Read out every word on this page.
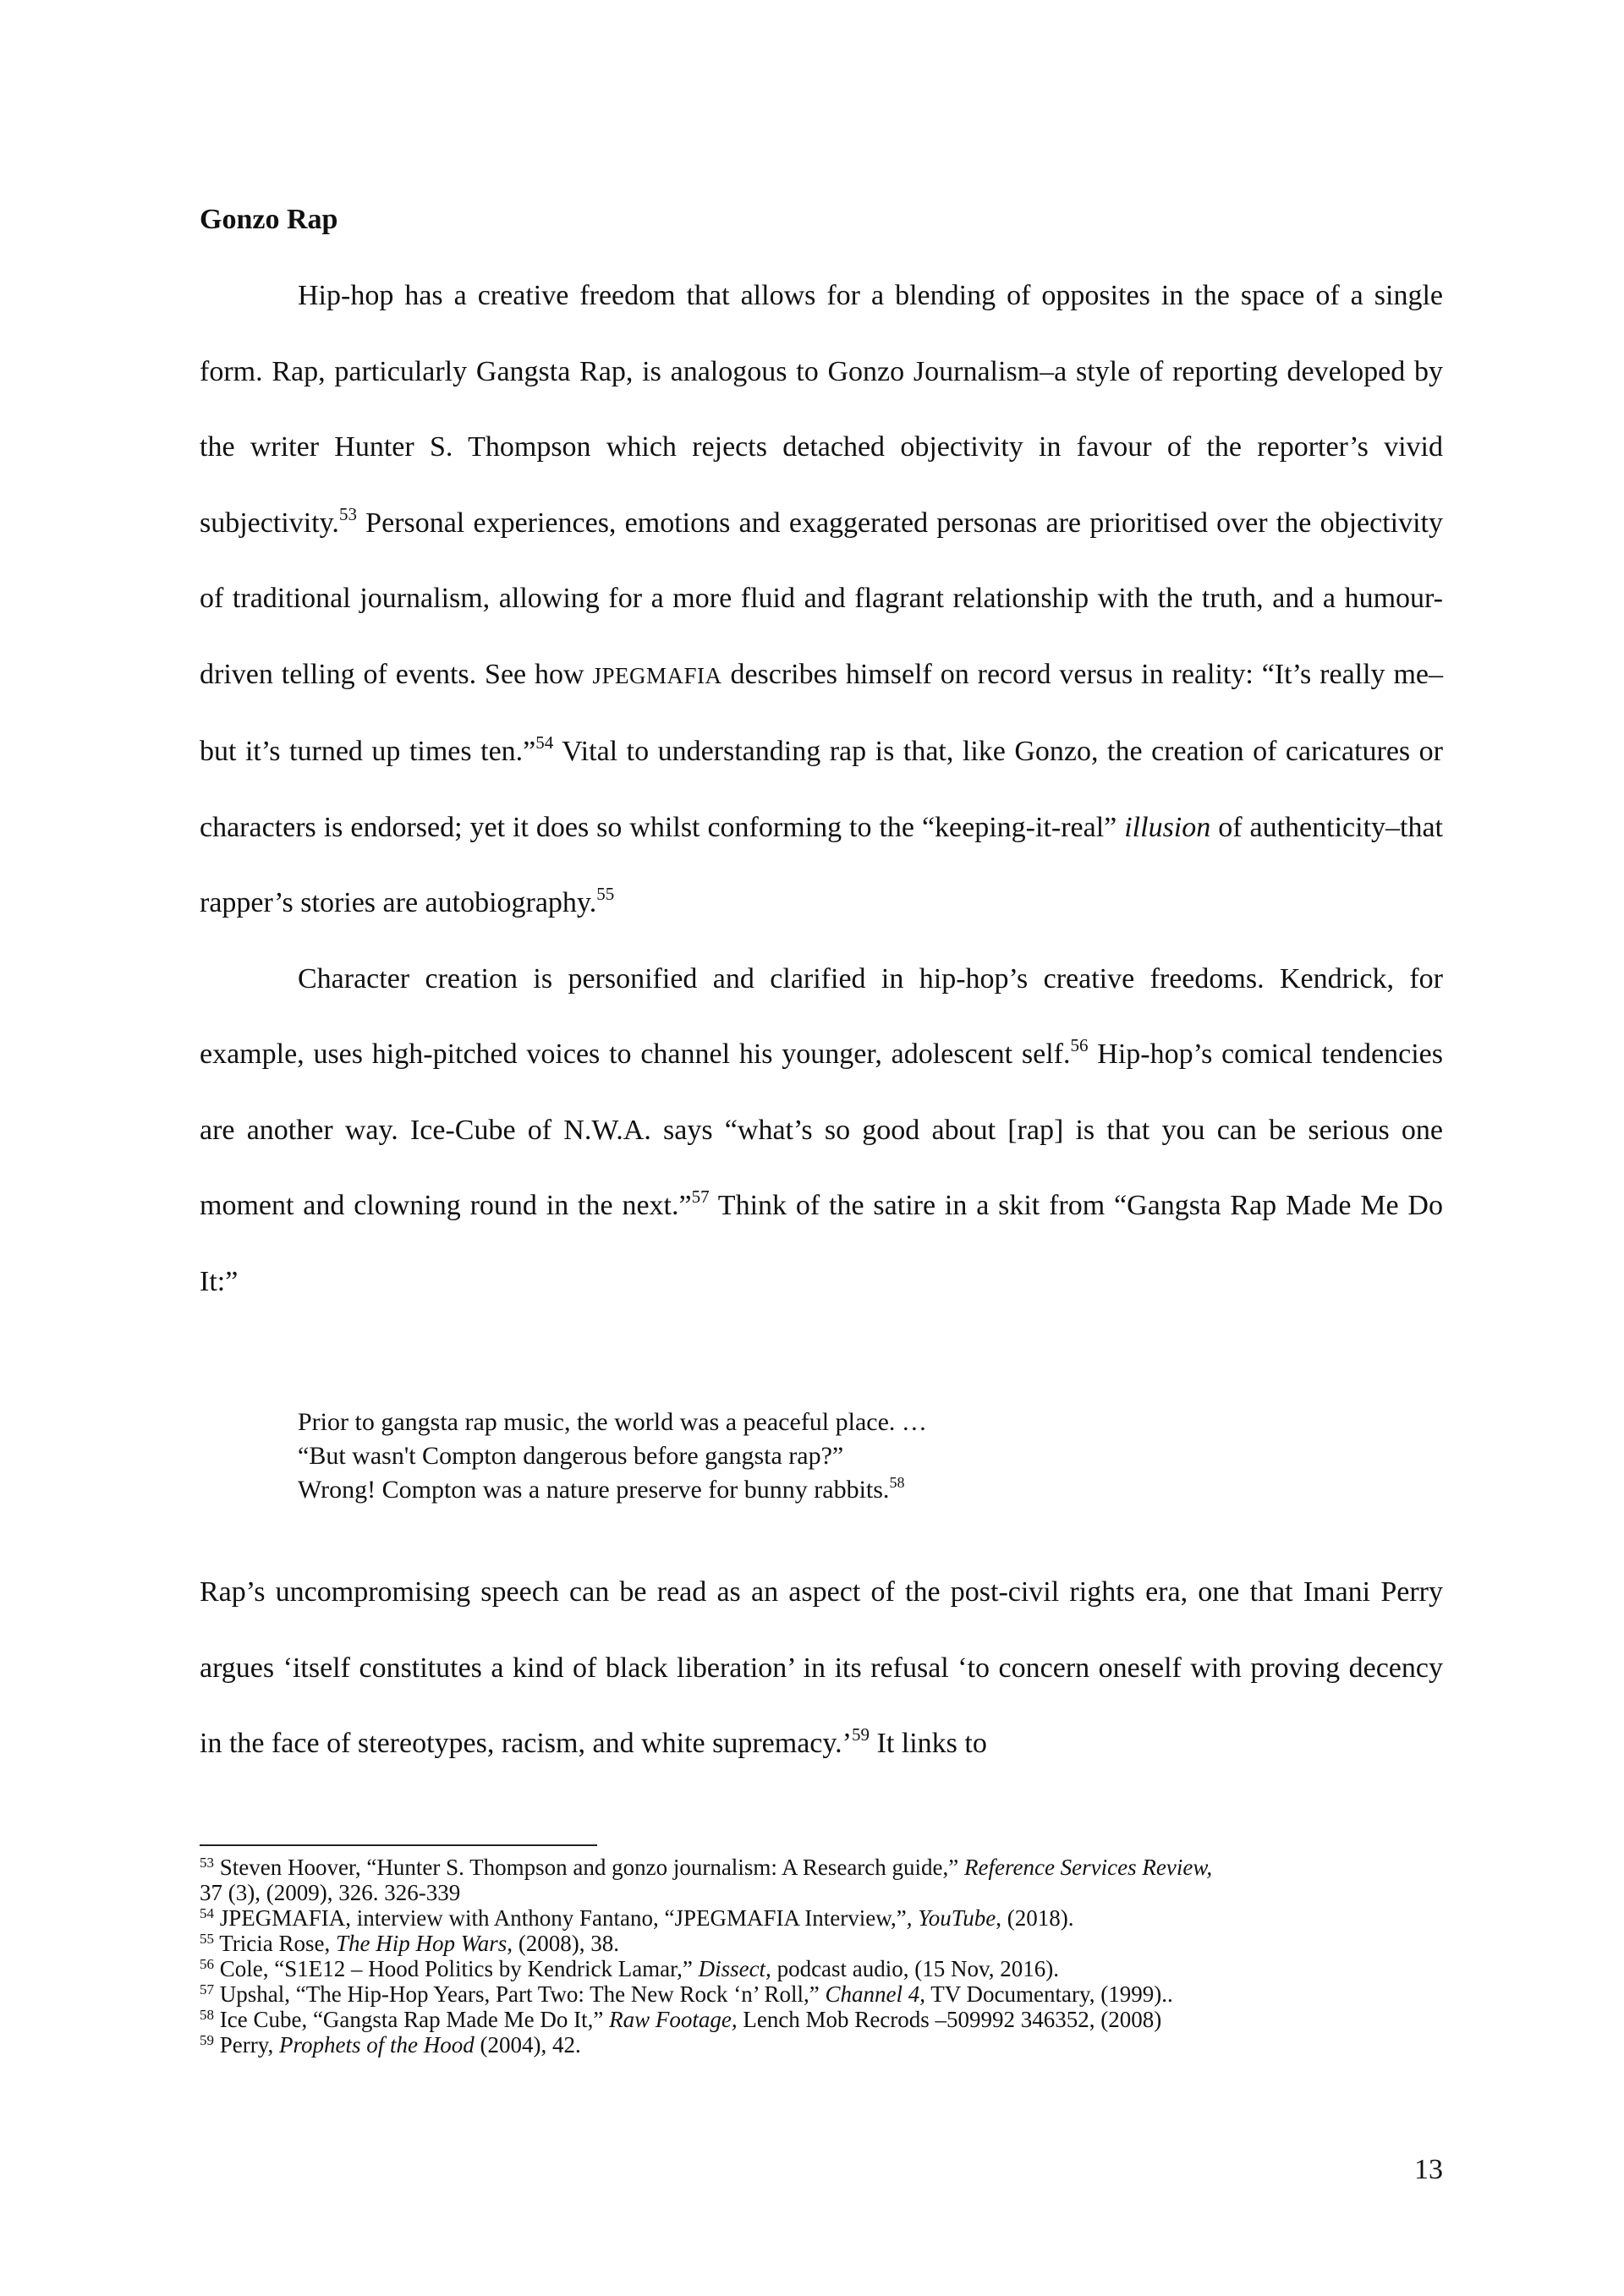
Gonzo Rap

Hip-hop has a creative freedom that allows for a blending of opposites in the space of a single form. Rap, particularly Gangsta Rap, is analogous to Gonzo Journalism–a style of reporting developed by the writer Hunter S. Thompson which rejects detached objectivity in favour of the reporter’s vivid subjectivity.$^{53}$ Personal experiences, emotions and exaggerated personas are prioritised over the objectivity of traditional journalism, allowing for a more fluid and flagrant relationship with the truth, and a humour-driven telling of events. See how JPEGMAFIA describes himself on record versus in reality: “It’s really me–but it’s turned up times ten.”$^{54}$ Vital to understanding rap is that, like Gonzo, the creation of caricatures or characters is endorsed; yet it does so whilst conforming to the “keeping-it-real” illusion of authenticity–that rapper’s stories are autobiography.$^{55}$

Character creation is personified and clarified in hip-hop’s creative freedoms. Kendrick, for example, uses high-pitched voices to channel his younger, adolescent self.$^{56}$ Hip-hop’s comical tendencies are another way. Ice-Cube of N.W.A. says “what’s so good about [rap] is that you can be serious one moment and clowning round in the next.”$^{57}$ Think of the satire in a skit from “Gangsta Rap Made Me Do It:”

Prior to gangsta rap music, the world was a peaceful place. …
“But wasn't Compton dangerous before gangsta rap?”
Wrong! Compton was a nature preserve for bunny rabbits.$^{58}$

Rap’s uncompromising speech can be read as an aspect of the post-civil rights era, one that Imani Perry argues ‘itself constitutes a kind of black liberation’ in its refusal ‘to concern oneself with proving decency in the face of stereotypes, racism, and white supremacy.’$^{59}$ It links to

$^{53}$ Steven Hoover, “Hunter S. Thompson and gonzo journalism: A Research guide,” Reference Services Review,
37 (3), (2009), 326. 326-339
$^{54}$ JPEGMAFIA, interview with Anthony Fantano, “JPEGMAFIA Interview,”, YouTube, (2018).
$^{55}$ Tricia Rose, The Hip Hop Wars, (2008), 38.
$^{56}$ Cole, “S1E12 – Hood Politics by Kendrick Lamar,” Dissect, podcast audio, (15 Nov, 2016).
$^{57}$ Upshal, “The Hip-Hop Years, Part Two: The New Rock ‘n’ Roll,” Channel 4, TV Documentary, (1999)..
$^{58}$ Ice Cube, “Gangsta Rap Made Me Do It,” Raw Footage, Lench Mob Recrods –509992 346352, (2008)
$^{59}$ Perry, Prophets of the Hood (2004), 42.
13
